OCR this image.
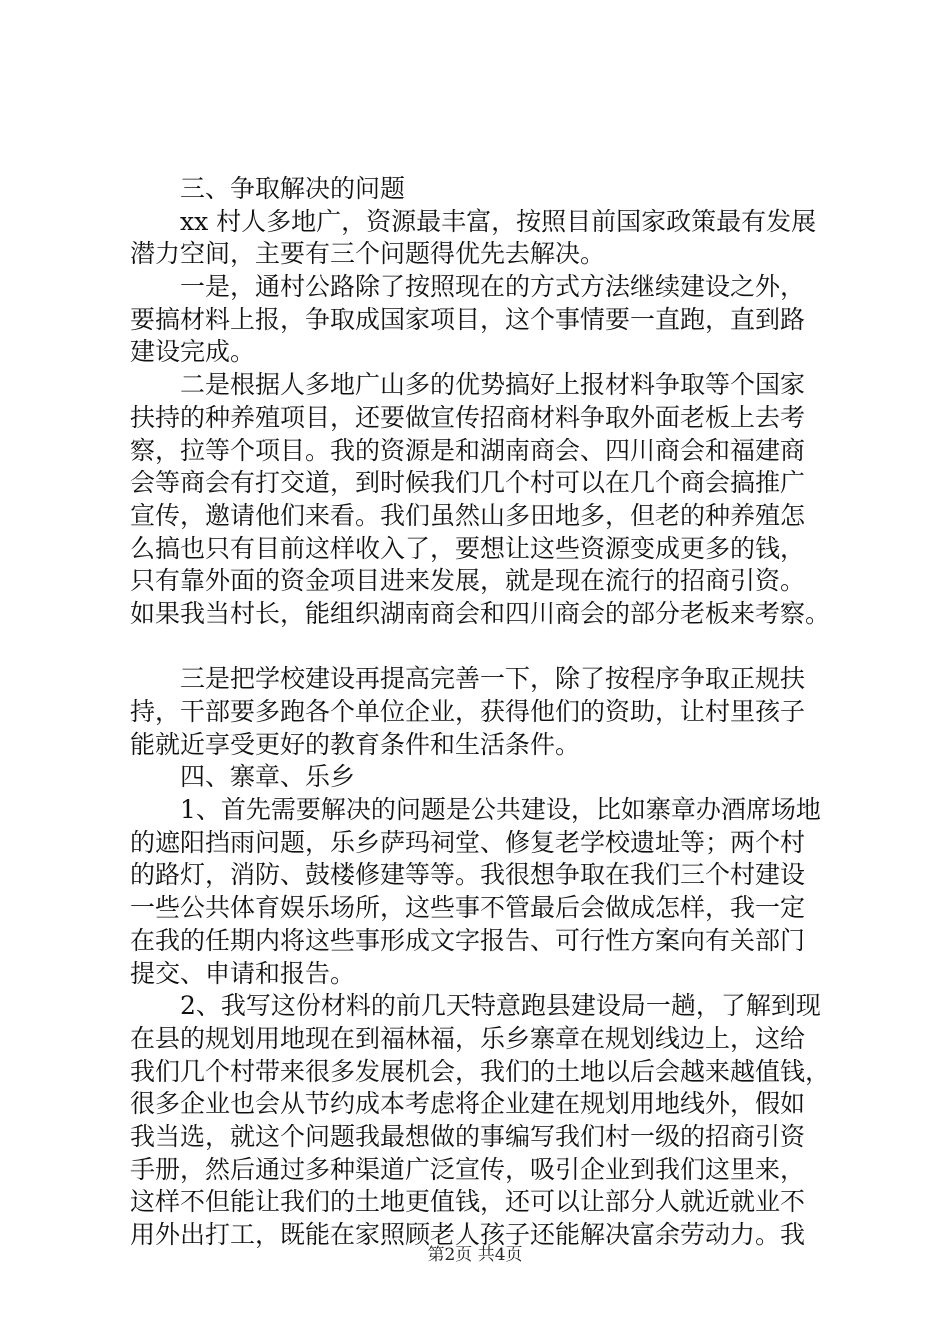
　　三、争取解决的问题
　　xx 村人多地广，资源最丰富，按照目前国家政策最有发展
潜力空间，主要有三个问题得优先去解决。
　　一是，通村公路除了按照现在的方式方法继续建设之外，
要搞材料上报，争取成国家项目，这个事情要一直跑，直到路
建设完成。
　　二是根据人多地广山多的优势搞好上报材料争取等个国家
扶持的种养殖项目，还要做宣传招商材料争取外面老板上去考
察，拉等个项目。我的资源是和湖南商会、四川商会和福建商
会等商会有打交道，到时候我们几个村可以在几个商会搞推广
宣传，邀请他们来看。我们虽然山多田地多，但老的种养殖怎
么搞也只有目前这样收入了，要想让这些资源变成更多的钱，
只有靠外面的资金项目进来发展，就是现在流行的招商引资。
如果我当村长，能组织湖南商会和四川商会的部分老板来考察。
　　三是把学校建设再提高完善一下，除了按程序争取正规扶
持，干部要多跑各个单位企业，获得他们的资助，让村里孩子
能就近享受更好的教育条件和生活条件。
　　四、寨章、乐乡
　　1、首先需要解决的问题是公共建设，比如寨章办酒席场地
的遮阳挡雨问题，乐乡萨玛祠堂、修复老学校遗址等；两个村
的路灯，消防、鼓楼修建等等。我很想争取在我们三个村建设
一些公共体育娱乐场所，这些事不管最后会做成怎样，我一定
在我的任期内将这些事形成文字报告、可行性方案向有关部门
提交、申请和报告。
　　2、我写这份材料的前几天特意跑县建设局一趟，了解到现
在县的规划用地现在到福林福，乐乡寨章在规划线边上，这给
我们几个村带来很多发展机会，我们的土地以后会越来越值钱，
很多企业也会从节约成本考虑将企业建在规划用地线外，假如
我当选，就这个问题我最想做的事编写我们村一级的招商引资
手册，然后通过多种渠道广泛宣传，吸引企业到我们这里来，
这样不但能让我们的土地更值钱，还可以让部分人就近就业不
用外出打工，既能在家照顾老人孩子还能解决富余劳动力。我
第2页 共4页
